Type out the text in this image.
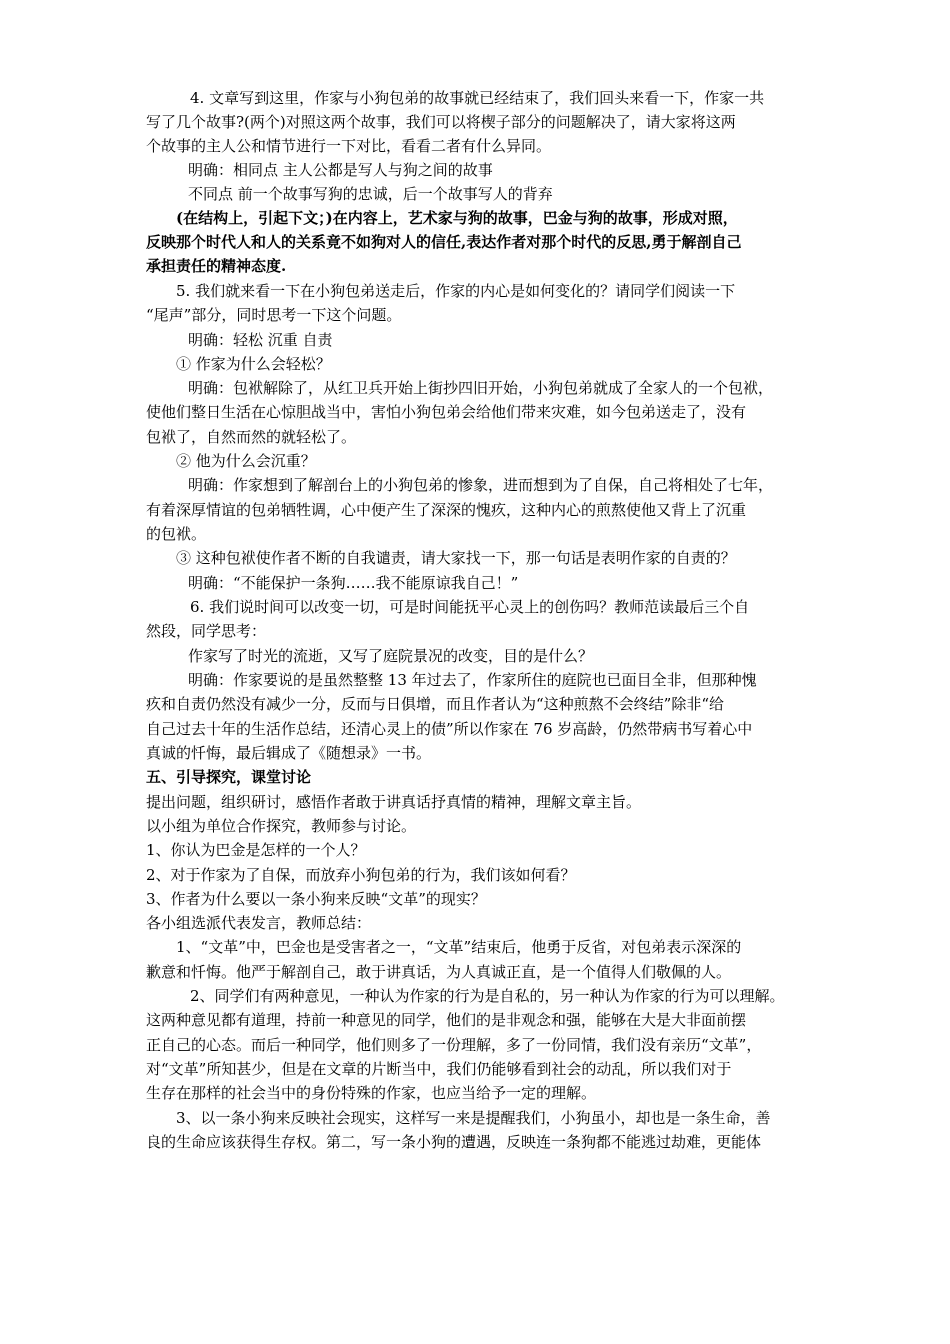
4. 文章写到这里，作家与小狗包弟的故事就已经结束了，我们回头来看一下，作家一共
写了几个故事?(两个)对照这两个故事，我们可以将楔子部分的问题解决了，请大家将这两
个故事的主人公和情节进行一下对比，看看二者有什么异同。
明确：相同点 主人公都是写人与狗之间的故事
不同点 前一个故事写狗的忠诚，后一个故事写人的背弃
(在结构上，引起下文；)在内容上，艺术家与狗的故事，巴金与狗的故事，形成对照，
反映那个时代人和人的关系竟不如狗对人的信任,表达作者对那个时代的反思,勇于解剖自己
承担责任的精神态度.
5. 我们就来看一下在小狗包弟送走后，作家的内心是如何变化的？请同学们阅读一下
“尾声”部分，同时思考一下这个问题。
明确：轻松 沉重 自责
① 作家为什么会轻松？
明确：包袱解除了，从红卫兵开始上街抄四旧开始，小狗包弟就成了全家人的一个包袱，
使他们整日生活在心惊胆战当中，害怕小狗包弟会给他们带来灾难，如今包弟送走了，没有
包袱了，自然而然的就轻松了。
② 他为什么会沉重？
明确：作家想到了解剖台上的小狗包弟的惨象，进而想到为了自保，自己将相处了七年，
有着深厚情谊的包弟牺牲调，心中便产生了深深的愧疚，这种内心的煎熬使他又背上了沉重
的包袱。
③ 这种包袱使作者不断的自我谴责，请大家找一下，那一句话是表明作家的自责的？
明确：“不能保护一条狗……我不能原谅我自己！”
6. 我们说时间可以改变一切，可是时间能抚平心灵上的创伤吗？教师范读最后三个自
然段，同学思考：
作家写了时光的流逝，又写了庭院景况的改变，目的是什么？
明确：作家要说的是虽然整整 13 年过去了，作家所住的庭院也已面目全非，但那种愧
疚和自责仍然没有减少一分，反而与日俱增，而且作者认为“这种煎熬不会终结”除非“给
自己过去十年的生活作总结，还清心灵上的债”所以作家在 76 岁高龄，仍然带病书写着心中
真诚的忏悔，最后辑成了《随想录》一书。
五、引导探究，课堂讨论
提出问题，组织研讨，感悟作者敢于讲真话抒真情的精神，理解文章主旨。
以小组为单位合作探究，教师参与讨论。
1、你认为巴金是怎样的一个人？
2、对于作家为了自保，而放弃小狗包弟的行为，我们该如何看？
3、作者为什么要以一条小狗来反映“文革”的现实？
各小组选派代表发言，教师总结：
1、“文革”中，巴金也是受害者之一，“文革”结束后，他勇于反省，对包弟表示深深的
歉意和忏悔。他严于解剖自己，敢于讲真话，为人真诚正直，是一个值得人们敬佩的人。
2、同学们有两种意见，一种认为作家的行为是自私的，另一种认为作家的行为可以理解。
这两种意见都有道理，持前一种意见的同学，他们的是非观念和强，能够在大是大非面前摆
正自己的心态。而后一种同学，他们则多了一份理解，多了一份同情，我们没有亲历“文革”，
对“文革”所知甚少，但是在文章的片断当中，我们仍能够看到社会的动乱，所以我们对于
生存在那样的社会当中的身份特殊的作家，也应当给予一定的理解。
3、以一条小狗来反映社会现实，这样写一来是提醒我们，小狗虽小，却也是一条生命，善
良的生命应该获得生存权。第二，写一条小狗的遭遇，反映连一条狗都不能逃过劫难，更能体
